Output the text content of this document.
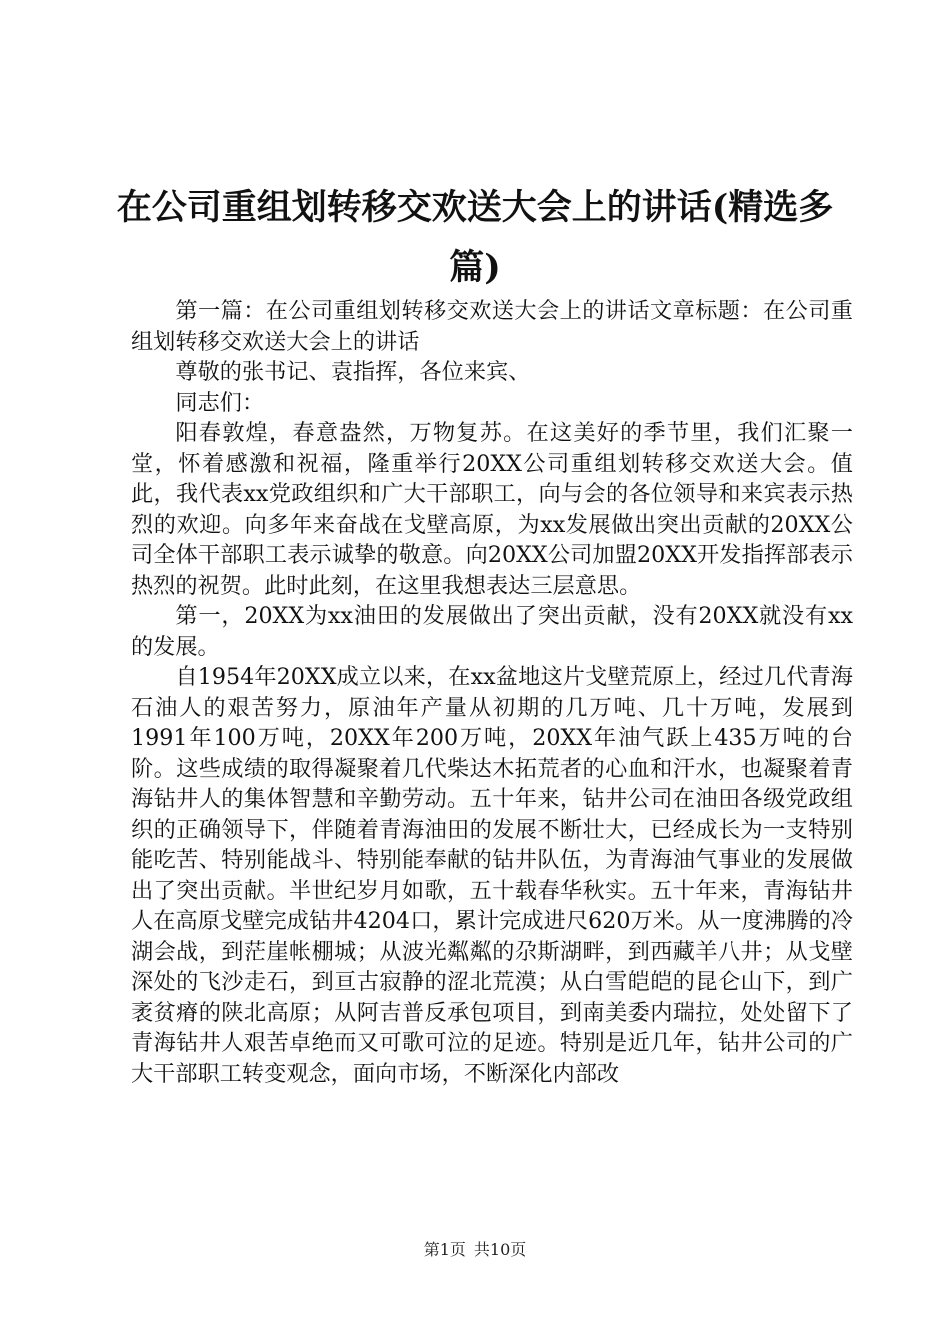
在公司重组划转移交欢送大会上的讲话(精选多篇)

第一篇：在公司重组划转移交欢送大会上的讲话文章标题：在公司重组划转移交欢送大会上的讲话

尊敬的张书记、袁指挥，各位来宾、

同志们：

阳春敦煌，春意盎然，万物复苏。在这美好的季节里，我们汇聚一堂，怀着感激和祝福，隆重举行20XX公司重组划转移交欢送大会。值此，我代表xx党政组织和广大干部职工，向与会的各位领导和来宾表示热烈的欢迎。向多年来奋战在戈壁高原，为xx发展做出突出贡献的20XX公司全体干部职工表示诚挚的敬意。向20XX公司加盟20XX开发指挥部表示热烈的祝贺。此时此刻，在这里我想表达三层意思。

第一，20XX为xx油田的发展做出了突出贡献，没有20XX就没有xx的发展。

自1954年20XX成立以来，在xx盆地这片戈壁荒原上，经过几代青海石油人的艰苦努力，原油年产量从初期的几万吨、几十万吨，发展到1991年100万吨，20XX年200万吨，20XX年油气跃上435万吨的台阶。这些成绩的取得凝聚着几代柴达木拓荒者的心血和汗水，也凝聚着青海钻井人的集体智慧和辛勤劳动。五十年来，钻井公司在油田各级党政组织的正确领导下，伴随着青海油田的发展不断壮大，已经成长为一支特别能吃苦、特别能战斗、特别能奉献的钻井队伍，为青海油气事业的发展做出了突出贡献。半世纪岁月如歌，五十载春华秋实。五十年来，青海钻井人在高原戈壁完成钻井4204口，累计完成进尺620万米。从一度沸腾的冷湖会战，到茫崖帐棚城；从波光粼粼的尕斯湖畔，到西藏羊八井；从戈壁深处的飞沙走石，到亘古寂静的涩北荒漠；从白雪皑皑的昆仑山下，到广袤贫瘠的陕北高原；从阿吉普反承包项目，到南美委内瑞拉，处处留下了青海钻井人艰苦卓绝而又可歌可泣的足迹。特别是近几年，钻井公司的广大干部职工转变观念，面向市场，不断深化内部改

第1页 共10页
